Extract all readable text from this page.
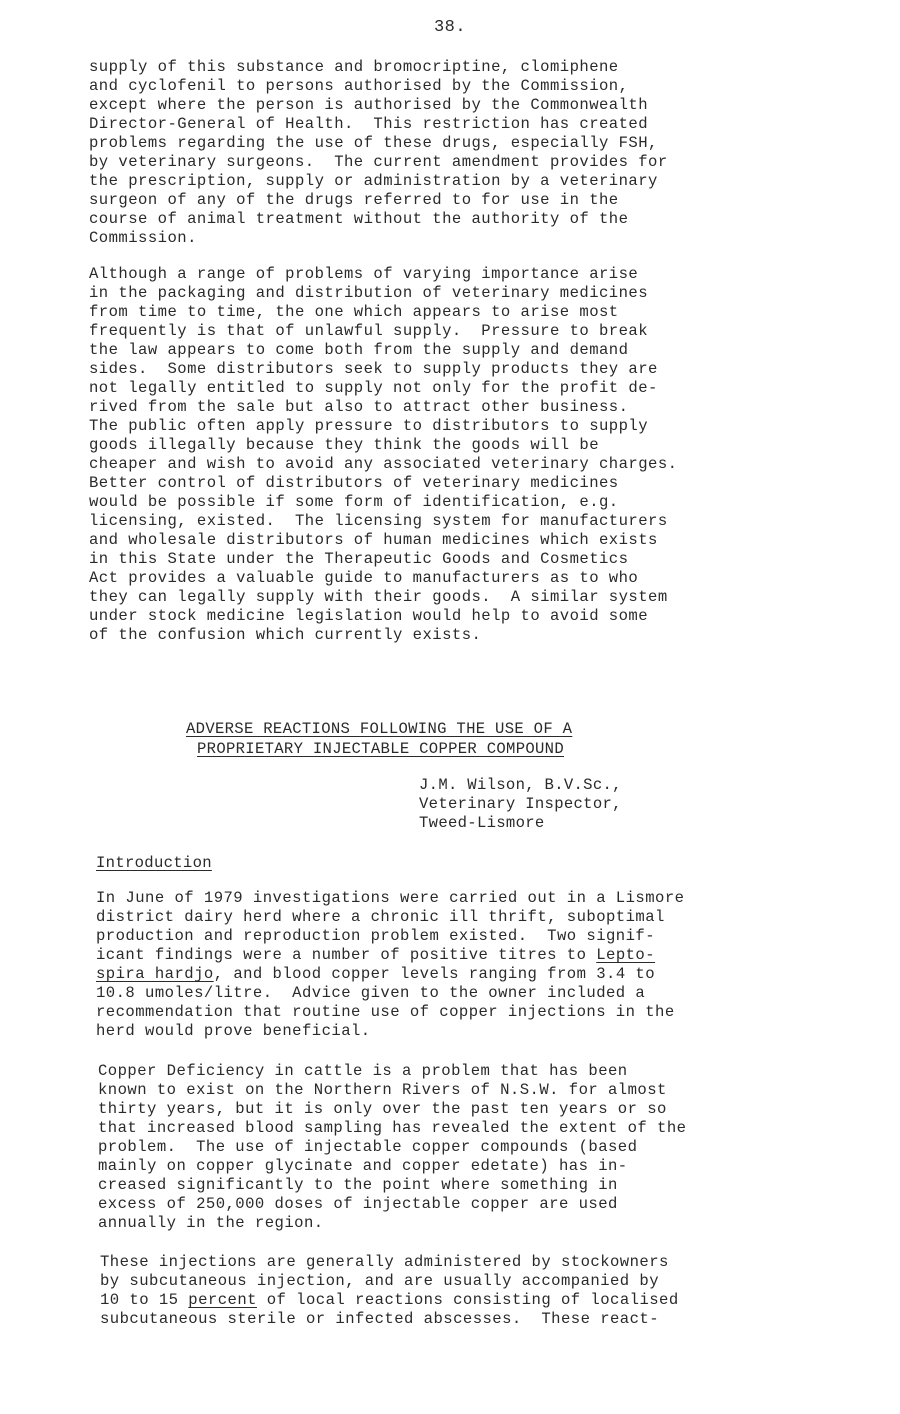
38.
supply of this substance and bromocriptine, clomiphene
and cyclofenil to persons authorised by the Commission,
except where the person is authorised by the Commonwealth
Director-General of Health.  This restriction has created
problems regarding the use of these drugs, especially FSH,
by veterinary surgeons.  The current amendment provides for
the prescription, supply or administration by a veterinary
surgeon of any of the drugs referred to for use in the
course of animal treatment without the authority of the
Commission.
Although a range of problems of varying importance arise
in the packaging and distribution of veterinary medicines
from time to time, the one which appears to arise most
frequently is that of unlawful supply.  Pressure to break
the law appears to come both from the supply and demand
sides.  Some distributors seek to supply products they are
not legally entitled to supply not only for the profit de-
rived from the sale but also to attract other business.
The public often apply pressure to distributors to supply
goods illegally because they think the goods will be
cheaper and wish to avoid any associated veterinary charges.
Better control of distributors of veterinary medicines
would be possible if some form of identification, e.g.
licensing, existed.  The licensing system for manufacturers
and wholesale distributors of human medicines which exists
in this State under the Therapeutic Goods and Cosmetics
Act provides a valuable guide to manufacturers as to who
they can legally supply with their goods.  A similar system
under stock medicine legislation would help to avoid some
of the confusion which currently exists.
ADVERSE REACTIONS FOLLOWING THE USE OF A
PROPRIETARY INJECTABLE COPPER COMPOUND
J.M. Wilson, B.V.Sc.,
Veterinary Inspector,
Tweed-Lismore
Introduction
In June of 1979 investigations were carried out in a Lismore
district dairy herd where a chronic ill thrift, suboptimal
production and reproduction problem existed.  Two signif-
icant findings were a number of positive titres to Lepto-
spira hardjo, and blood copper levels ranging from 3.4 to
10.8 umoles/litre.  Advice given to the owner included a
recommendation that routine use of copper injections in the
herd would prove beneficial.
Copper Deficiency in cattle is a problem that has been
known to exist on the Northern Rivers of N.S.W. for almost
thirty years, but it is only over the past ten years or so
that increased blood sampling has revealed the extent of the
problem.  The use of injectable copper compounds (based
mainly on copper glycinate and copper edetate) has in-
creased significantly to the point where something in
excess of 250,000 doses of injectable copper are used
annually in the region.
These injections are generally administered by stockowners
by subcutaneous injection, and are usually accompanied by
10 to 15 percent of local reactions consisting of localised
subcutaneous sterile or infected abscesses.  These react-
